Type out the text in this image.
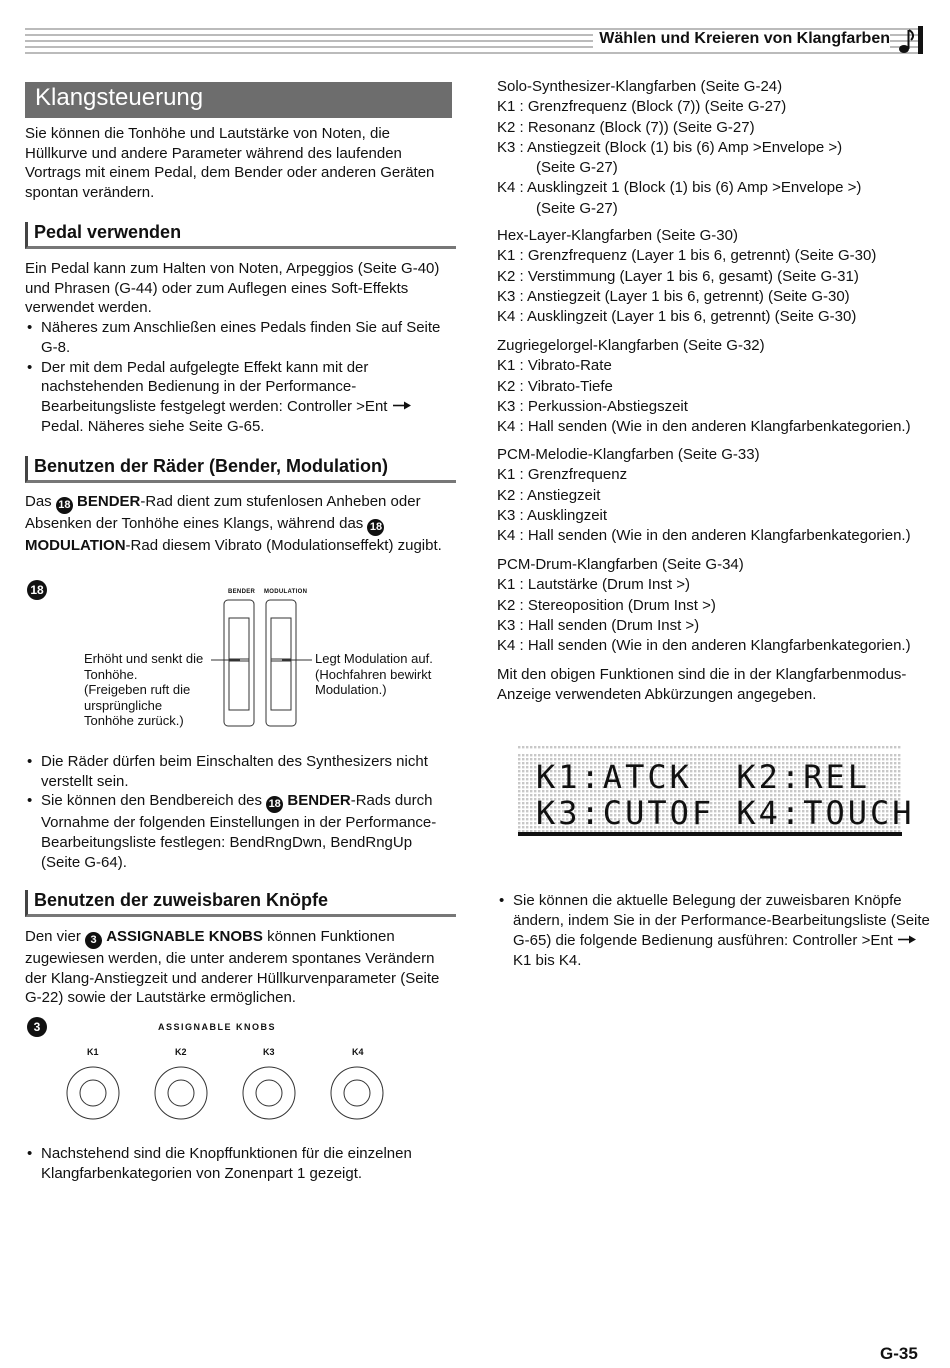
Wählen und Kreieren von Klangfarben
Klangsteuerung

Sie können die Tonhöhe und Lautstärke von Noten, die Hüllkurve und andere Parameter während des laufenden Vortrags mit einem Pedal, dem Bender oder anderen Geräten spontan verändern.

Pedal verwenden

Ein Pedal kann zum Halten von Noten, Arpeggios (Seite G-40) und Phrasen (G-44) oder zum Auflegen eines Soft-Effekts verwendet werden.

• Näheres zum Anschließen eines Pedals finden Sie auf Seite G-8.

• Der mit dem Pedal aufgelegte Effekt kann mit der nachstehenden Bedienung in der Performance-Bearbeitungsliste festgelegt werden: Controller >Ent  Pedal. Näheres siehe Seite G-65.

Benutzen der Räder (Bender, Modulation)

Das 18 BENDER-Rad dient zum stufenlosen Anheben oder Absenken der Tonhöhe eines Klangs, während das 18 MODULATION-Rad diesem Vibrato (Modulationseffekt) zugibt.

18	BENDER MODULATION
Erhöht und senkt die
Tonhöhe.
(Freigeben ruft die
ursprüngliche
Tonhöhe zurück.)
Legt Modulation auf.
(Hochfahren bewirkt
Modulation.)

• Die Räder dürfen beim Einschalten des Synthesizers nicht verstellt sein.

• Sie können den Bendbereich des 18 BENDER-Rads durch Vornahme der folgenden Einstellungen in der Performance-Bearbeitungsliste festlegen: BendRngDwn, BendRngUp (Seite G-64).

Benutzen der zuweisbaren Knöpfe

Den vier 3 ASSIGNABLE KNOBS können Funktionen zugewiesen werden, die unter anderem spontanes Verändern der Klang-Anstiegzeit und anderer Hüllkurvenparameter (Seite G-22) sowie der Lautstärke ermöglichen.

3	ASSIGNABLE KNOBS
K1	K2	K3	K4

• Nachstehend sind die Knopffunktionen für die einzelnen Klangfarbenkategorien von Zonenpart 1 gezeigt.

Solo-Synthesizer-Klangfarben (Seite G-24)
K1 : Grenzfrequenz (Block (7)) (Seite G-27)
K2 : Resonanz (Block (7)) (Seite G-27)
K3 : Anstiegzeit (Block (1) bis (6) Amp >Envelope >)
(Seite G-27)
K4 : Ausklingzeit 1 (Block (1) bis (6) Amp >Envelope >)
(Seite G-27)
Hex-Layer-Klangfarben (Seite G-30)
K1 : Grenzfrequenz (Layer 1 bis 6, getrennt) (Seite G-30)
K2 : Verstimmung (Layer 1 bis 6, gesamt) (Seite G-31)
K3 : Anstiegzeit (Layer 1 bis 6, getrennt) (Seite G-30)
K4 : Ausklingzeit (Layer 1 bis 6, getrennt) (Seite G-30)
Zugriegelorgel-Klangfarben (Seite G-32)
K1 : Vibrato-Rate
K2 : Vibrato-Tiefe
K3 : Perkussion-Abstiegszeit
K4 : Hall senden (Wie in den anderen Klangfarbenkategorien.)
PCM-Melodie-Klangfarben (Seite G-33)
K1 : Grenzfrequenz
K2 : Anstiegzeit
K3 : Ausklingzeit
K4 : Hall senden (Wie in den anderen Klangfarbenkategorien.)
PCM-Drum-Klangfarben (Seite G-34)
K1 : Lautstärke (Drum Inst >)
K2 : Stereoposition (Drum Inst >)
K3 : Hall senden (Drum Inst >)
K4 : Hall senden (Wie in den anderen Klangfarbenkategorien.)

Mit den obigen Funktionen sind die in der Klangfarbenmodus-Anzeige verwendeten Abkürzungen angegeben.

K1:ATCK  K2:REL
K3:CUTOF K4:TOUCH

• Sie können die aktuelle Belegung der zuweisbaren Knöpfe ändern, indem Sie in der Performance-Bearbeitungsliste (Seite G-65) die folgende Bedienung ausführen: Controller >Ent  K1 bis K4.

G-35
